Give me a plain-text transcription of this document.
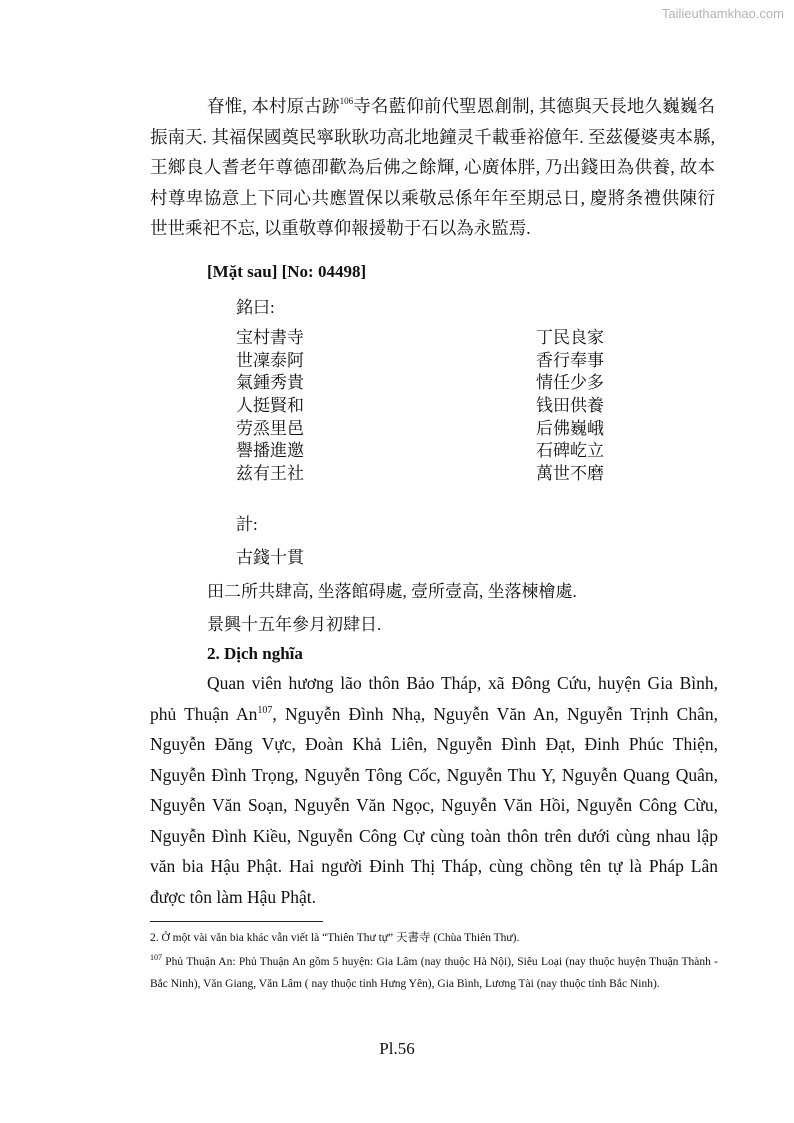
Tailieuthamkhao.com

眘惟, 本村原古跡$^{106}$寺名藍仰前代聖恩創制, 其德與天長地久巍巍名振南天. 其福保國奠民寧耿耿功高北地鐘灵千載垂裕億年. 至茲優婆夷本縣, 王鄉良人耆老年尊德卲歡為后佛之餘輝, 心廣体胖, 乃出錢田為供養, 故本村尊卑協意上下同心共應置保以乘敬忌係年年至期忌日, 慶將条禮供陳衍世世乘祀不忘, 以重敬尊仰報援勒于石以為永監焉.

[Mặt sau] [No: 04498]

銘曰:

宝村書寺	丁民良家
世凜泰阿	香行奉事
氣鍾秀貴	情任少多
人挺賢和	钱田供養
劳烝里邑	后佛巍峨
譽播進邀	石碑屹立
兹有王社	萬世不磨

計:

古錢十貫

田二所共肆高, 坐落館碍處, 壹所壹高, 坐落楝檜處.

景興十五年參月初肆日.

2. Dịch nghĩa

Quan viên hương lão thôn Bảo Tháp, xã Đông Cứu, huyện Gia Bình, phủ Thuận An$^{107}$, Nguyễn Đình Nhạ, Nguyễn Văn An, Nguyễn Trịnh Chân, Nguyễn Đăng Vực, Đoàn Khả Liên, Nguyễn Đình Đạt, Đinh Phúc Thiện, Nguyễn Đình Trọng, Nguyễn Tông Cốc, Nguyễn Thu Y, Nguyễn Quang Quân, Nguyễn Văn Soạn, Nguyễn Văn Ngọc, Nguyễn Văn Hồi, Nguyễn Công Cừu, Nguyễn Đình Kiều, Nguyễn Công Cự cùng toàn thôn trên dưới cùng nhau lập văn bia Hậu Phật. Hai người Đinh Thị Tháp, cùng chồng tên tự là Pháp Lân được tôn làm Hậu Phật.

2. Ở một vài văn bia khác vẫn viết là “Thiên Thư tự” 天書寺 (Chùa Thiên Thư).

$^{107}$ Phủ Thuận An: Phủ Thuận An gồm 5 huyện: Gia Lâm (nay thuộc Hà Nội), Siêu Loại (nay thuộc huyện Thuận Thành - Bắc Ninh), Văn Giang, Văn Lâm ( nay thuộc tỉnh Hưng Yên), Gia Bình, Lương Tài (nay thuộc tỉnh Bắc Ninh).

Pl.56
